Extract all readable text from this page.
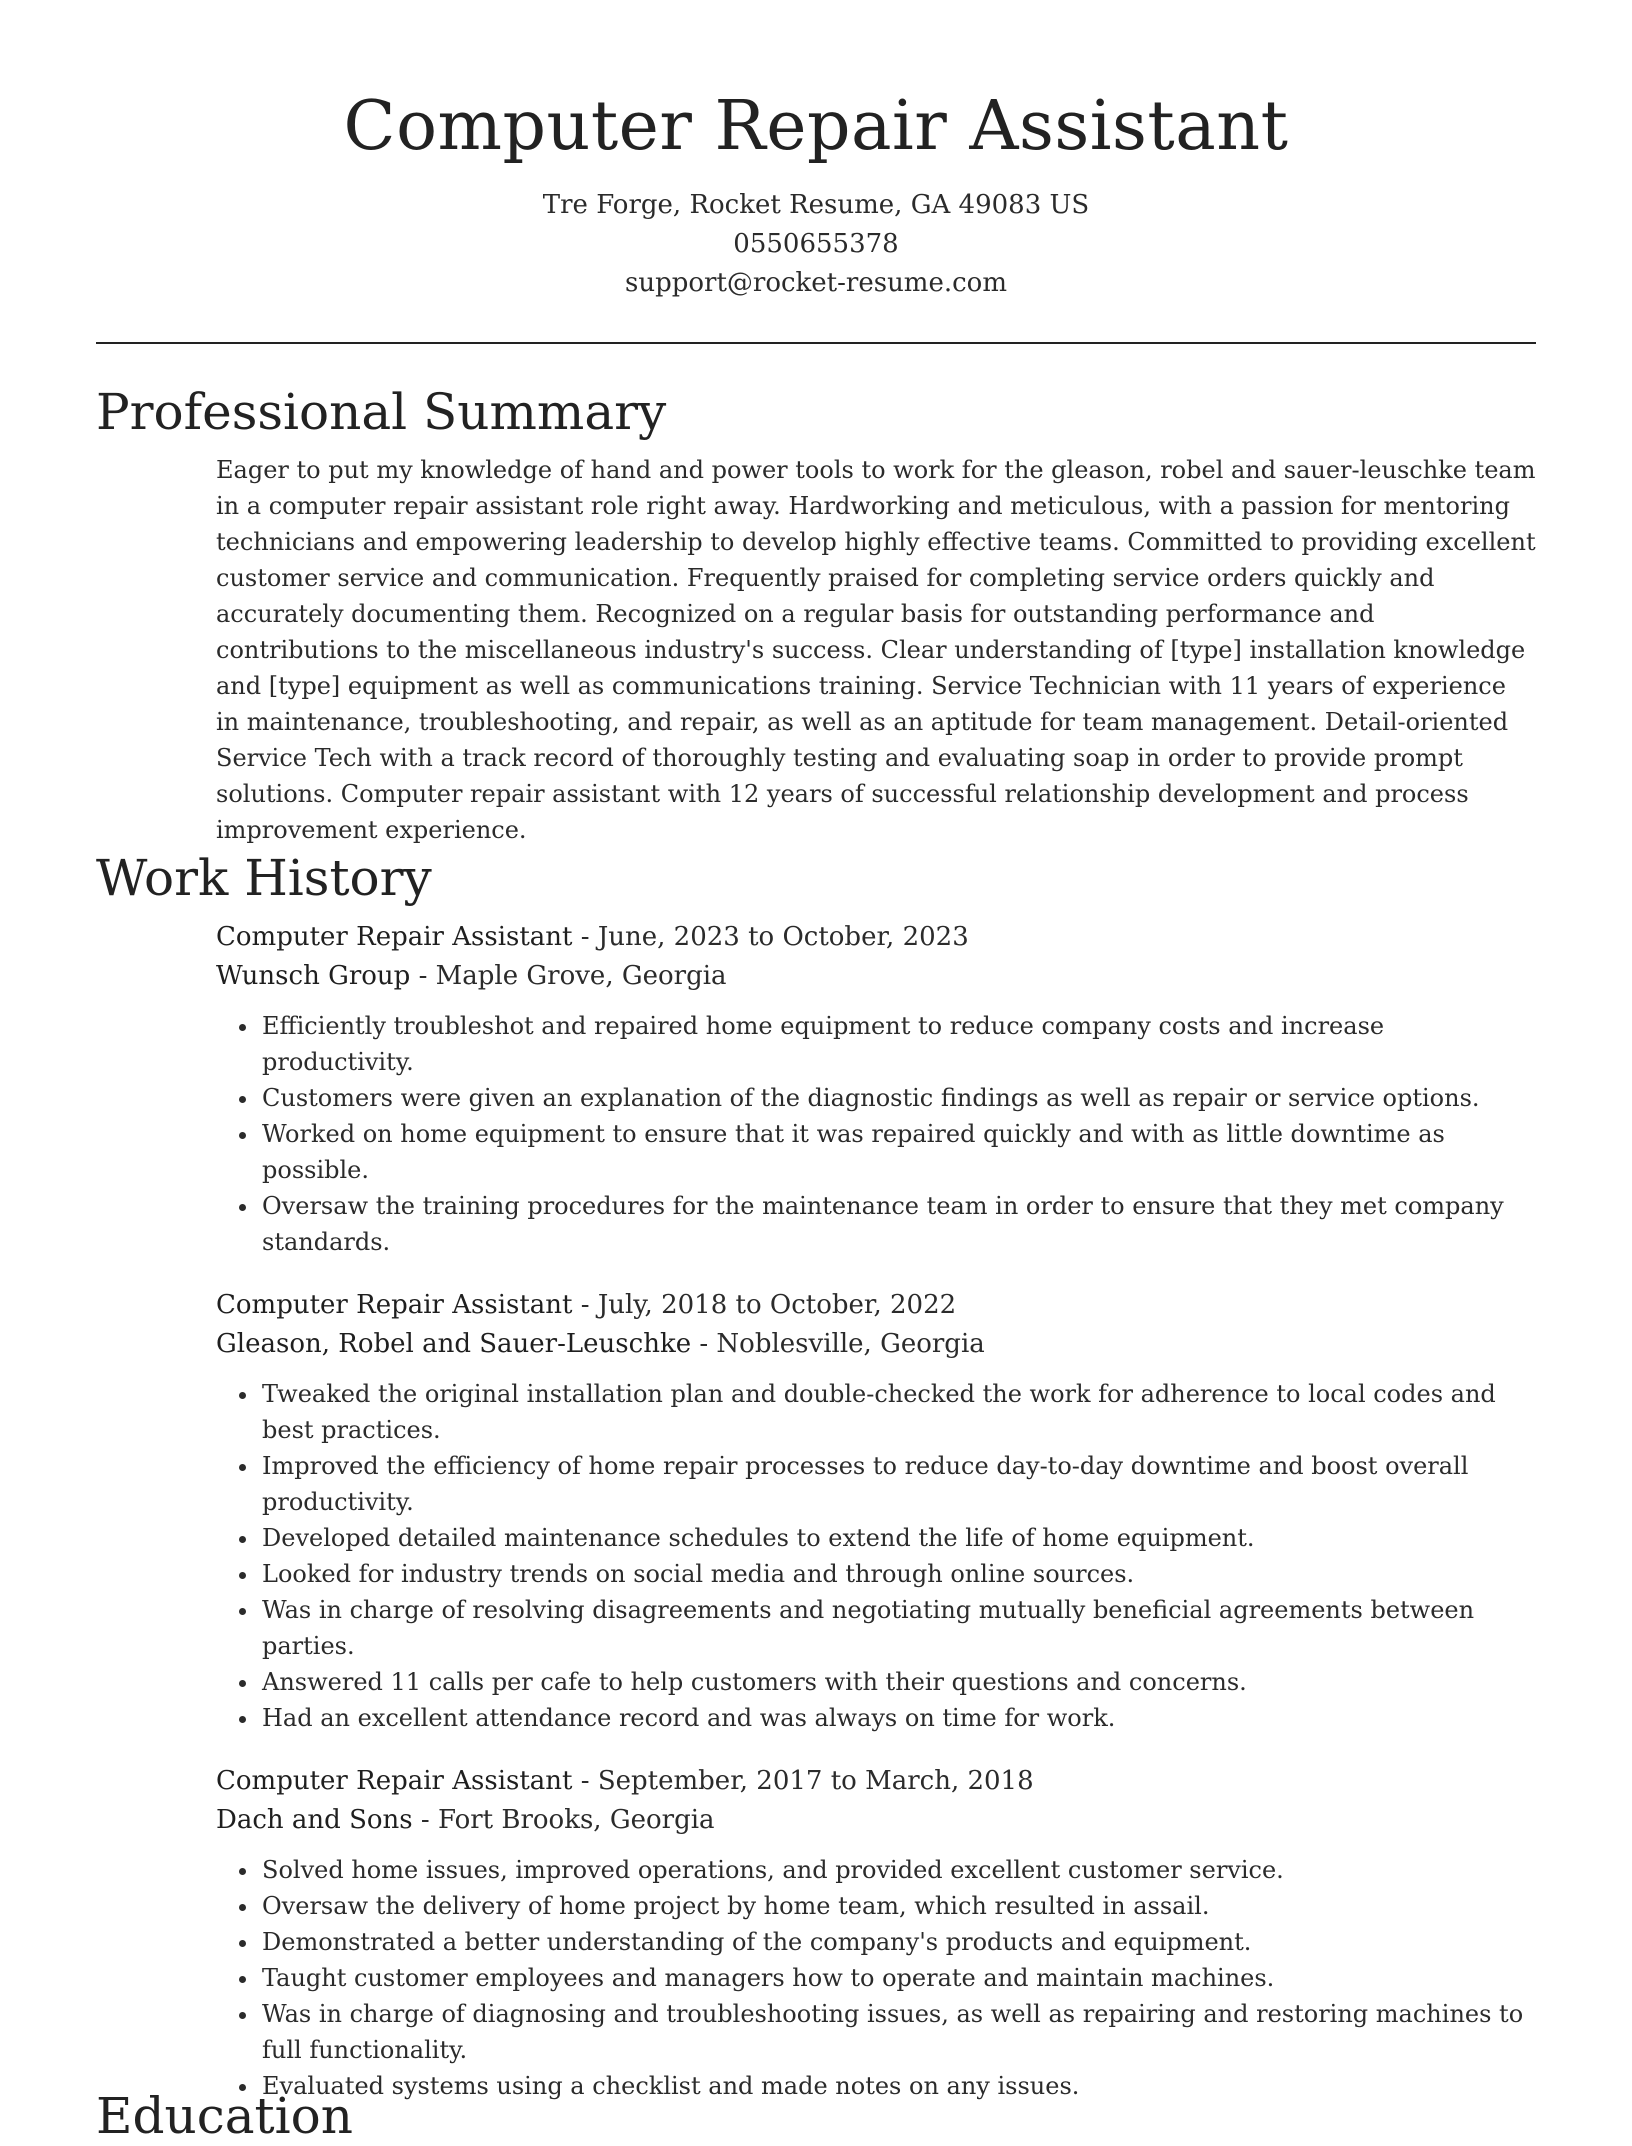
Computer Repair Assistant
Tre Forge, Rocket Resume, GA 49083 US
0550655378
support@rocket-resume.com
Professional Summary
Eager to put my knowledge of hand and power tools to work for the gleason, robel and sauer-leuschke team in a computer repair assistant role right away. Hardworking and meticulous, with a passion for mentoring technicians and empowering leadership to develop highly effective teams. Committed to providing excellent customer service and communication. Frequently praised for completing service orders quickly and accurately documenting them. Recognized on a regular basis for outstanding performance and contributions to the miscellaneous industry's success. Clear understanding of [type] installation knowledge and [type] equipment as well as communications training. Service Technician with 11 years of experience in maintenance, troubleshooting, and repair, as well as an aptitude for team management. Detail-oriented Service Tech with a track record of thoroughly testing and evaluating soap in order to provide prompt solutions. Computer repair assistant with 12 years of successful relationship development and process improvement experience.
Work History
Computer Repair Assistant - June, 2023 to October, 2023
Wunsch Group - Maple Grove, Georgia
• Efficiently troubleshot and repaired home equipment to reduce company costs and increase productivity.
• Customers were given an explanation of the diagnostic findings as well as repair or service options.
• Worked on home equipment to ensure that it was repaired quickly and with as little downtime as possible.
• Oversaw the training procedures for the maintenance team in order to ensure that they met company standards.
Computer Repair Assistant - July, 2018 to October, 2022
Gleason, Robel and Sauer-Leuschke - Noblesville, Georgia
• Tweaked the original installation plan and double-checked the work for adherence to local codes and best practices.
• Improved the efficiency of home repair processes to reduce day-to-day downtime and boost overall productivity.
• Developed detailed maintenance schedules to extend the life of home equipment.
• Looked for industry trends on social media and through online sources.
• Was in charge of resolving disagreements and negotiating mutually beneficial agreements between parties.
• Answered 11 calls per cafe to help customers with their questions and concerns.
• Had an excellent attendance record and was always on time for work.
Computer Repair Assistant - September, 2017 to March, 2018
Dach and Sons - Fort Brooks, Georgia
• Solved home issues, improved operations, and provided excellent customer service.
• Oversaw the delivery of home project by home team, which resulted in assail.
• Demonstrated a better understanding of the company's products and equipment.
• Taught customer employees and managers how to operate and maintain machines.
• Was in charge of diagnosing and troubleshooting issues, as well as repairing and restoring machines to full functionality.
• Evaluated systems using a checklist and made notes on any issues.
Education
